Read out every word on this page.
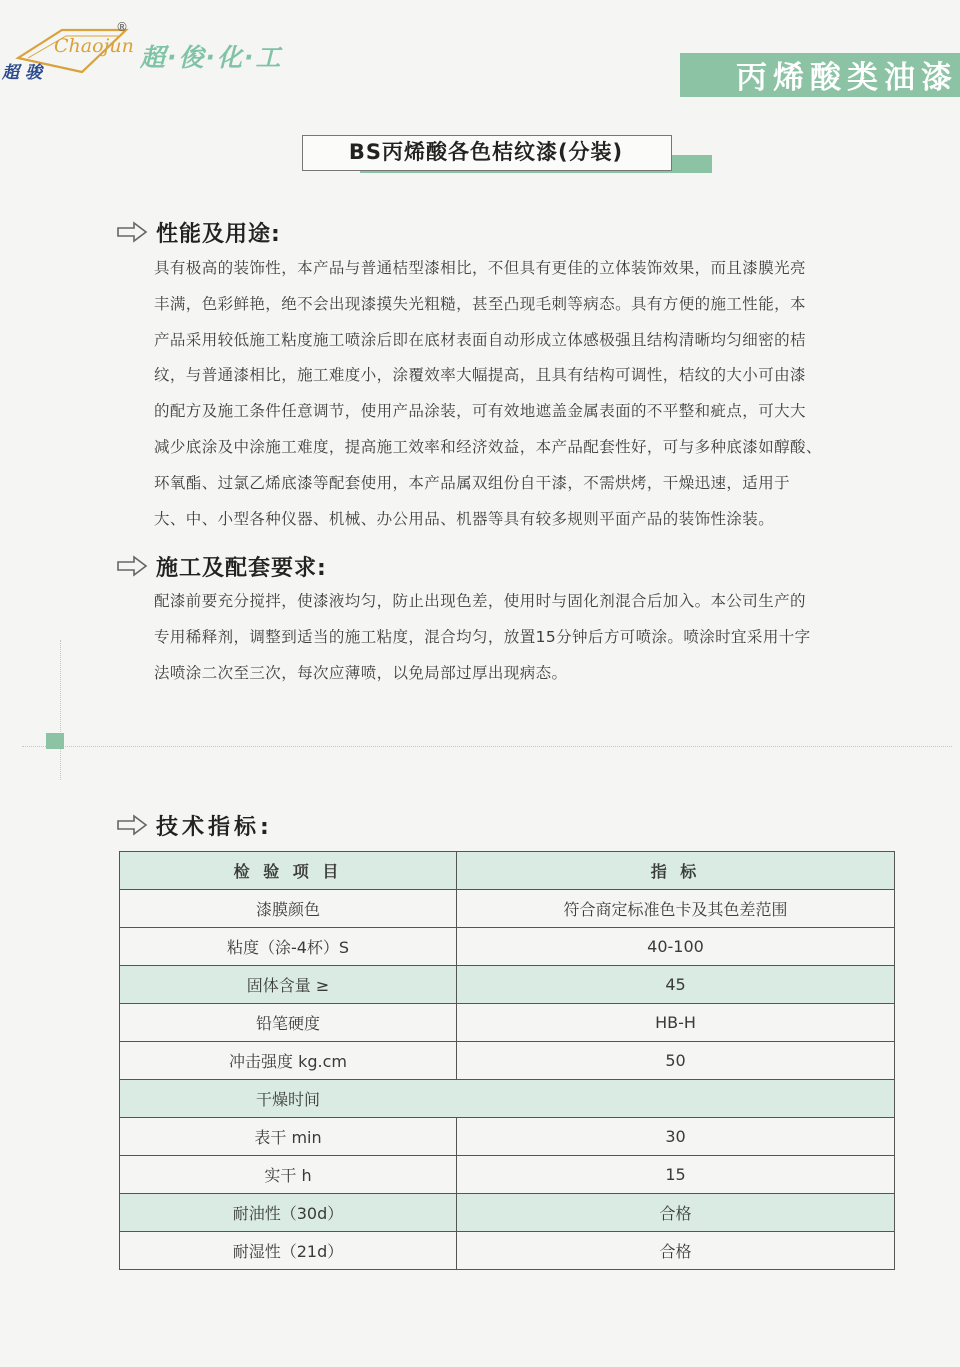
Chaojun
超骏
®
超·俊·化·工
丙烯酸类油漆
BS丙烯酸各色桔纹漆(分装)
性能及用途:

具有极高的装饰性，本产品与普通桔型漆相比，不但具有更佳的立体装饰效果，而且漆膜光亮

丰满，色彩鲜艳，绝不会出现漆摸失光粗糙，甚至凸现毛刺等病态。具有方便的施工性能，本

产品采用较低施工粘度施工喷涂后即在底材表面自动形成立体感极强且结构清晰均匀细密的桔

纹，与普通漆相比，施工难度小，涂覆效率大幅提高，且具有结构可调性，桔纹的大小可由漆

的配方及施工条件任意调节，使用产品涂装，可有效地遮盖金属表面的不平整和疵点，可大大

减少底涂及中涂施工难度，提高施工效率和经济效益，本产品配套性好，可与多种底漆如醇酸、

环氧酯、过氯乙烯底漆等配套使用，本产品属双组份自干漆，不需烘烤，干燥迅速，适用于

大、中、小型各种仪器、机械、办公用品、机器等具有较多规则平面产品的装饰性涂装。

施工及配套要求:

配漆前要充分搅拌，使漆液均匀，防止出现色差，使用时与固化剂混合后加入。本公司生产的

专用稀释剂，调整到适当的施工粘度，混合均匀，放置15分钟后方可喷涂。喷涂时宜采用十字

法喷涂二次至三次，每次应薄喷，以免局部过厚出现病态。

技术指标:
检 验 项 目	指 标
漆膜颜色	符合商定标准色卡及其色差范围
粘度（涂-4杯）S	40-100
固体含量 ≥	45
铅笔硬度	HB-H
冲击强度 kg.cm	50
干燥时间	
表干 min	30
实干 h	15
耐油性（30d）	合格
耐湿性（21d）	合格
